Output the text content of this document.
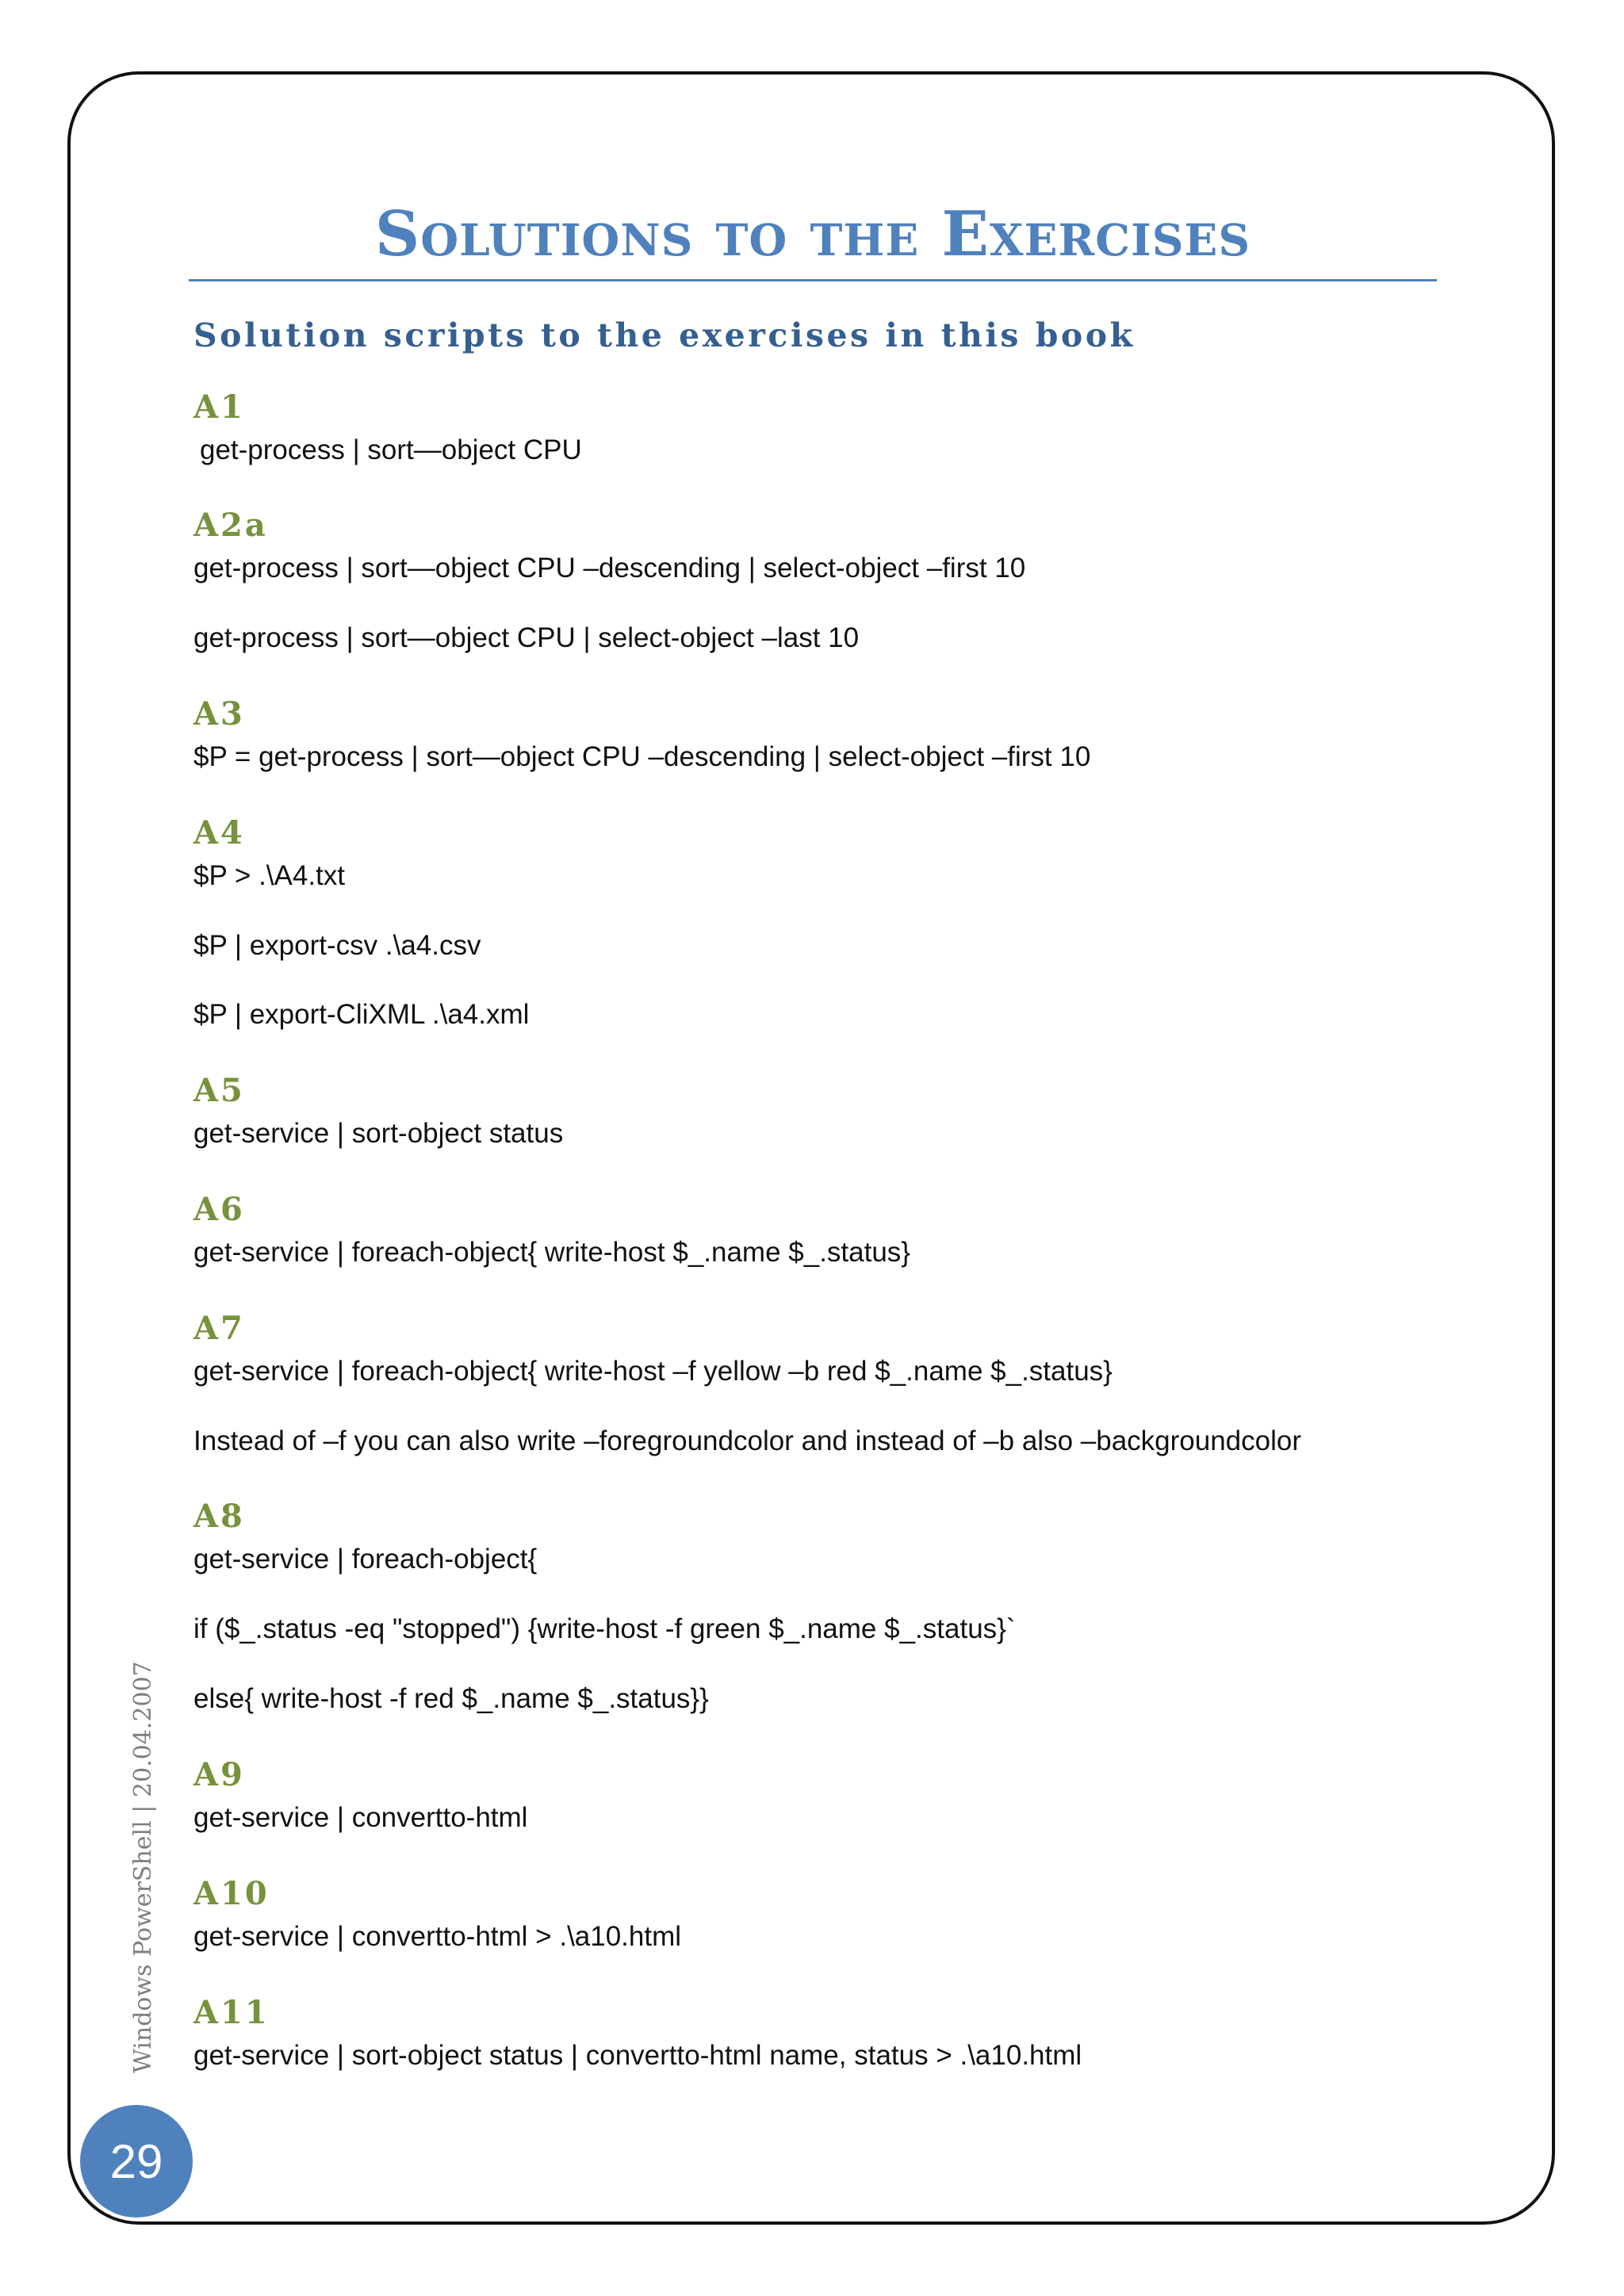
Solutions to the Exercises
Solution scripts to the exercises in this book
A1
get-process | sort—object CPU
A2a
get-process | sort—object CPU –descending | select-object –first 10
get-process | sort—object CPU | select-object –last 10
A3
$P = get-process | sort—object CPU –descending | select-object –first 10
A4
$P > .\A4.txt
$P | export-csv .\a4.csv
$P | export-CliXML .\a4.xml
A5
get-service | sort-object status
A6
get-service | foreach-object{ write-host $_.name $_.status}
A7
get-service | foreach-object{ write-host –f yellow –b red $_.name $_.status}
Instead of –f you can also write –foregroundcolor and instead of –b also –backgroundcolor
A8
get-service | foreach-object{
if ($_.status -eq "stopped") {write-host -f green $_.name $_.status}`
else{ write-host -f red $_.name $_.status}}
A9
get-service | convertto-html
A10
get-service | convertto-html > .\a10.html
A11
get-service | sort-object status | convertto-html name, status > .\a10.html
Windows PowerShell | 20.04.2007
29
